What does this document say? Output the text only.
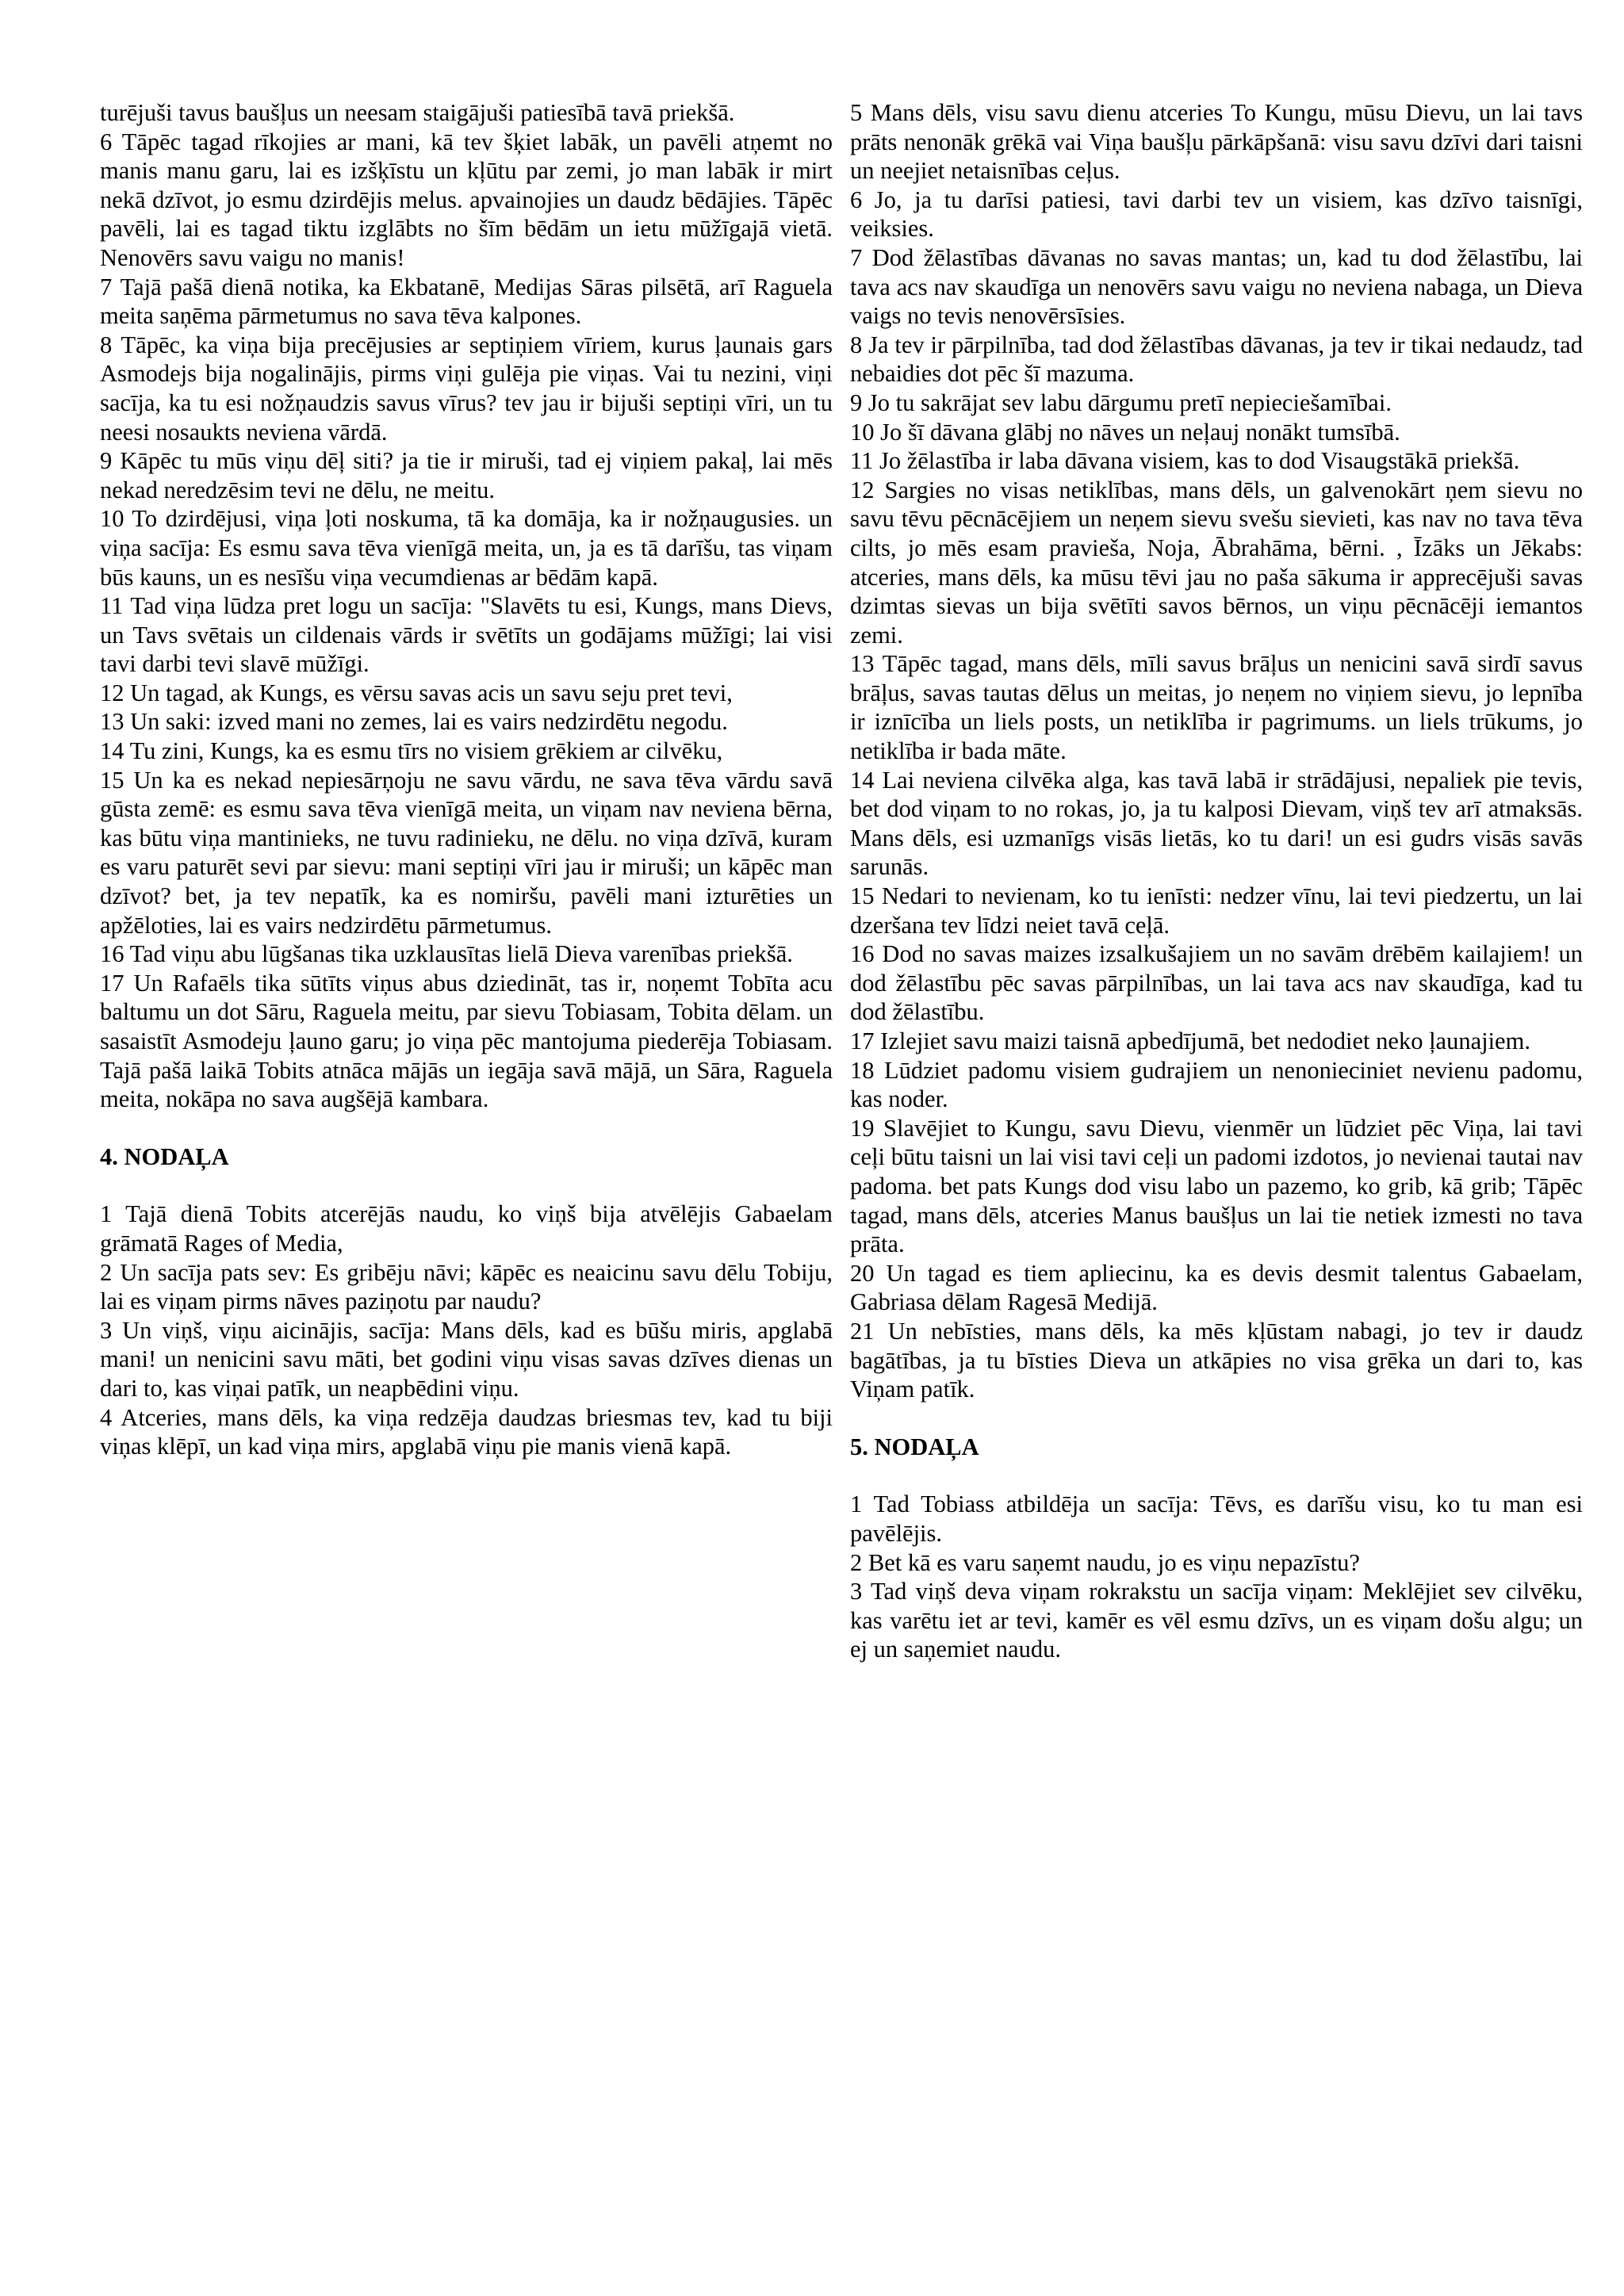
turējuši tavus baušļus un neesam staigājuši patiesībā tavā priekšā.

6 Tāpēc tagad rīkojies ar mani, kā tev šķiet labāk, un pavēli atņemt no manis manu garu, lai es izšķīstu un kļūtu par zemi, jo man labāk ir mirt nekā dzīvot, jo esmu dzirdējis melus. apvainojies un daudz bēdājies. Tāpēc pavēli, lai es tagad tiktu izglābts no šīm bēdām un ietu mūžīgajā vietā. Nenovērs savu vaigu no manis!

7 Tajā pašā dienā notika, ka Ekbatanē, Medijas Sāras pilsētā, arī Raguela meita saņēma pārmetumus no sava tēva kalpones.

8 Tāpēc, ka viņa bija precējusies ar septiņiem vīriem, kurus ļaunais gars Asmodejs bija nogalinājis, pirms viņi gulēja pie viņas. Vai tu nezini, viņi sacīja, ka tu esi nožņaudzis savus vīrus? tev jau ir bijuši septiņi vīri, un tu neesi nosaukts neviena vārdā.

9 Kāpēc tu mūs viņu dēļ siti? ja tie ir miruši, tad ej viņiem pakaļ, lai mēs nekad neredzēsim tevi ne dēlu, ne meitu.

10 To dzirdējusi, viņa ļoti noskuma, tā ka domāja, ka ir nožņaugusies. un viņa sacīja: Es esmu sava tēva vienīgā meita, un, ja es tā darīšu, tas viņam būs kauns, un es nesīšu viņa vecumdienas ar bēdām kapā.

11 Tad viņa lūdza pret logu un sacīja: "Slavēts tu esi, Kungs, mans Dievs, un Tavs svētais un cildenais vārds ir svētīts un godājams mūžīgi; lai visi tavi darbi tevi slavē mūžīgi.

12 Un tagad, ak Kungs, es vērsu savas acis un savu seju pret tevi,

13 Un saki: izved mani no zemes, lai es vairs nedzirdētu negodu.

14 Tu zini, Kungs, ka es esmu tīrs no visiem grēkiem ar cilvēku,

15 Un ka es nekad nepiesārņoju ne savu vārdu, ne sava tēva vārdu savā gūsta zemē: es esmu sava tēva vienīgā meita, un viņam nav neviena bērna, kas būtu viņa mantinieks, ne tuvu radinieku, ne dēlu. no viņa dzīvā, kuram es varu paturēt sevi par sievu: mani septiņi vīri jau ir miruši; un kāpēc man dzīvot? bet, ja tev nepatīk, ka es nomiršu, pavēli mani izturēties un apžēloties, lai es vairs nedzirdētu pārmetumus.

16 Tad viņu abu lūgšanas tika uzklausītas lielā Dieva varenības priekšā.

17 Un Rafaēls tika sūtīts viņus abus dziedināt, tas ir, noņemt Tobīta acu baltumu un dot Sāru, Raguela meitu, par sievu Tobiasam, Tobita dēlam. un sasaistīt Asmodeju ļauno garu; jo viņa pēc mantojuma piederēja Tobiasam. Tajā pašā laikā Tobits atnāca mājās un iegāja savā mājā, un Sāra, Raguela meita, nokāpa no sava augšējā kambara.

4. NODAĻA

1 Tajā dienā Tobits atcerējās naudu, ko viņš bija atvēlējis Gabaelam grāmatā Rages of Media,

2 Un sacīja pats sev: Es gribēju nāvi; kāpēc es neaicinu savu dēlu Tobiju, lai es viņam pirms nāves paziņotu par naudu?

3 Un viņš, viņu aicinājis, sacīja: Mans dēls, kad es būšu miris, apglabā mani! un nenicini savu māti, bet godini viņu visas savas dzīves dienas un dari to, kas viņai patīk, un neapbēdini viņu.

4 Atceries, mans dēls, ka viņa redzēja daudzas briesmas tev, kad tu biji viņas klēpī, un kad viņa mirs, apglabā viņu pie manis vienā kapā.

5 Mans dēls, visu savu dienu atceries To Kungu, mūsu Dievu, un lai tavs prāts nenonāk grēkā vai Viņa baušļu pārkāpšanā: visu savu dzīvi dari taisni un neejiet netaisnības ceļus.

6 Jo, ja tu darīsi patiesi, tavi darbi tev un visiem, kas dzīvo taisnīgi, veiksies.

7 Dod žēlastības dāvanas no savas mantas; un, kad tu dod žēlastību, lai tava acs nav skaudīga un nenovērs savu vaigu no neviena nabaga, un Dieva vaigs no tevis nenovērsīsies.

8 Ja tev ir pārpilnība, tad dod žēlastības dāvanas, ja tev ir tikai nedaudz, tad nebaidies dot pēc šī mazuma.

9 Jo tu sakrājat sev labu dārgumu pretī nepieciešamībai.

10 Jo šī dāvana glābj no nāves un neļauj nonākt tumsībā.

11 Jo žēlastība ir laba dāvana visiem, kas to dod Visaugstākā priekšā.

12 Sargies no visas netiklības, mans dēls, un galvenokārt ņem sievu no savu tēvu pēcnācējiem un neņem sievu svešu sievieti, kas nav no tava tēva cilts, jo mēs esam pravieša, Noja, Ābrahāma, bērni. , Īzāks un Jēkabs: atceries, mans dēls, ka mūsu tēvi jau no paša sākuma ir apprecējuši savas dzimtas sievas un bija svētīti savos bērnos, un viņu pēcnācēji iemantos zemi.

13 Tāpēc tagad, mans dēls, mīli savus brāļus un nenicini savā sirdī savus brāļus, savas tautas dēlus un meitas, jo neņem no viņiem sievu, jo lepnība ir iznīcība un liels posts, un netiklība ir pagrimums. un liels trūkums, jo netiklība ir bada māte.

14 Lai neviena cilvēka alga, kas tavā labā ir strādājusi, nepaliek pie tevis, bet dod viņam to no rokas, jo, ja tu kalposi Dievam, viņš tev arī atmaksās. Mans dēls, esi uzmanīgs visās lietās, ko tu dari! un esi gudrs visās savās sarunās.

15 Nedari to nevienam, ko tu ienīsti: nedzer vīnu, lai tevi piedzertu, un lai dzeršana tev līdzi neiet tavā ceļā.

16 Dod no savas maizes izsalkušajiem un no savām drēbēm kailajiem! un dod žēlastību pēc savas pārpilnības, un lai tava acs nav skaudīga, kad tu dod žēlastību.

17 Izlejiet savu maizi taisnā apbedījumā, bet nedodiet neko ļaunajiem.

18 Lūdziet padomu visiem gudrajiem un nenonieciniet nevienu padomu, kas noder.

19 Slavējiet to Kungu, savu Dievu, vienmēr un lūdziet pēc Viņa, lai tavi ceļi būtu taisni un lai visi tavi ceļi un padomi izdotos, jo nevienai tautai nav padoma. bet pats Kungs dod visu labo un pazemo, ko grib, kā grib; Tāpēc tagad, mans dēls, atceries Manus baušļus un lai tie netiek izmesti no tava prāta.

20 Un tagad es tiem apliecinu, ka es devis desmit talentus Gabaelam, Gabriasa dēlam Ragesā Medijā.

21 Un nebīsties, mans dēls, ka mēs kļūstam nabagi, jo tev ir daudz bagātības, ja tu bīsties Dieva un atkāpies no visa grēka un dari to, kas Viņam patīk.

5. NODAĻA

1 Tad Tobiass atbildēja un sacīja: Tēvs, es darīšu visu, ko tu man esi pavēlējis.

2 Bet kā es varu saņemt naudu, jo es viņu nepazīstu?

3 Tad viņš deva viņam rokrakstu un sacīja viņam: Meklējiet sev cilvēku, kas varētu iet ar tevi, kamēr es vēl esmu dzīvs, un es viņam došu algu; un ej un saņemiet naudu.
